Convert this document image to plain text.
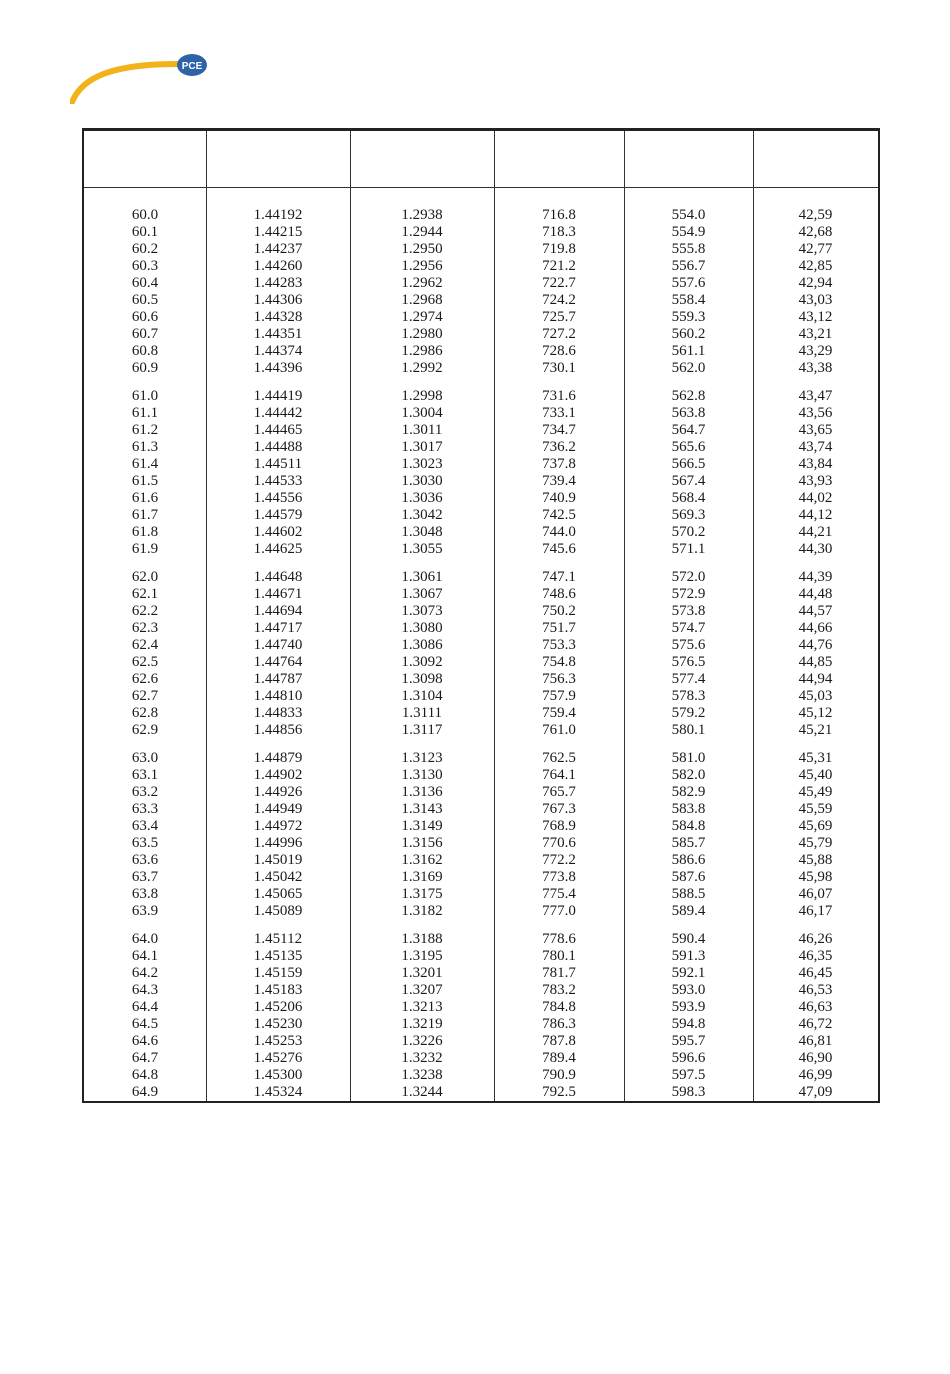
PCE
60.0
60.1
60.2
60.3
60.4
60.5
60.6
60.7
60.8
60.9
61.0
61.1
61.2
61.3
61.4
61.5
61.6
61.7
61.8
61.9
62.0
62.1
62.2
62.3
62.4
62.5
62.6
62.7
62.8
62.9
63.0
63.1
63.2
63.3
63.4
63.5
63.6
63.7
63.8
63.9
64.0
64.1
64.2
64.3
64.4
64.5
64.6
64.7
64.8
64.9
1.44192
1.44215
1.44237
1.44260
1.44283
1.44306
1.44328
1.44351
1.44374
1.44396
1.44419
1.44442
1.44465
1.44488
1.44511
1.44533
1.44556
1.44579
1.44602
1.44625
1.44648
1.44671
1.44694
1.44717
1.44740
1.44764
1.44787
1.44810
1.44833
1.44856
1.44879
1.44902
1.44926
1.44949
1.44972
1.44996
1.45019
1.45042
1.45065
1.45089
1.45112
1.45135
1.45159
1.45183
1.45206
1.45230
1.45253
1.45276
1.45300
1.45324
1.2938
1.2944
1.2950
1.2956
1.2962
1.2968
1.2974
1.2980
1.2986
1.2992
1.2998
1.3004
1.3011
1.3017
1.3023
1.3030
1.3036
1.3042
1.3048
1.3055
1.3061
1.3067
1.3073
1.3080
1.3086
1.3092
1.3098
1.3104
1.3111
1.3117
1.3123
1.3130
1.3136
1.3143
1.3149
1.3156
1.3162
1.3169
1.3175
1.3182
1.3188
1.3195
1.3201
1.3207
1.3213
1.3219
1.3226
1.3232
1.3238
1.3244
716.8
718.3
719.8
721.2
722.7
724.2
725.7
727.2
728.6
730.1
731.6
733.1
734.7
736.2
737.8
739.4
740.9
742.5
744.0
745.6
747.1
748.6
750.2
751.7
753.3
754.8
756.3
757.9
759.4
761.0
762.5
764.1
765.7
767.3
768.9
770.6
772.2
773.8
775.4
777.0
778.6
780.1
781.7
783.2
784.8
786.3
787.8
789.4
790.9
792.5
554.0
554.9
555.8
556.7
557.6
558.4
559.3
560.2
561.1
562.0
562.8
563.8
564.7
565.6
566.5
567.4
568.4
569.3
570.2
571.1
572.0
572.9
573.8
574.7
575.6
576.5
577.4
578.3
579.2
580.1
581.0
582.0
582.9
583.8
584.8
585.7
586.6
587.6
588.5
589.4
590.4
591.3
592.1
593.0
593.9
594.8
595.7
596.6
597.5
598.3
42,59
42,68
42,77
42,85
42,94
43,03
43,12
43,21
43,29
43,38
43,47
43,56
43,65
43,74
43,84
43,93
44,02
44,12
44,21
44,30
44,39
44,48
44,57
44,66
44,76
44,85
44,94
45,03
45,12
45,21
45,31
45,40
45,49
45,59
45,69
45,79
45,88
45,98
46,07
46,17
46,26
46,35
46,45
46,53
46,63
46,72
46,81
46,90
46,99
47,09
